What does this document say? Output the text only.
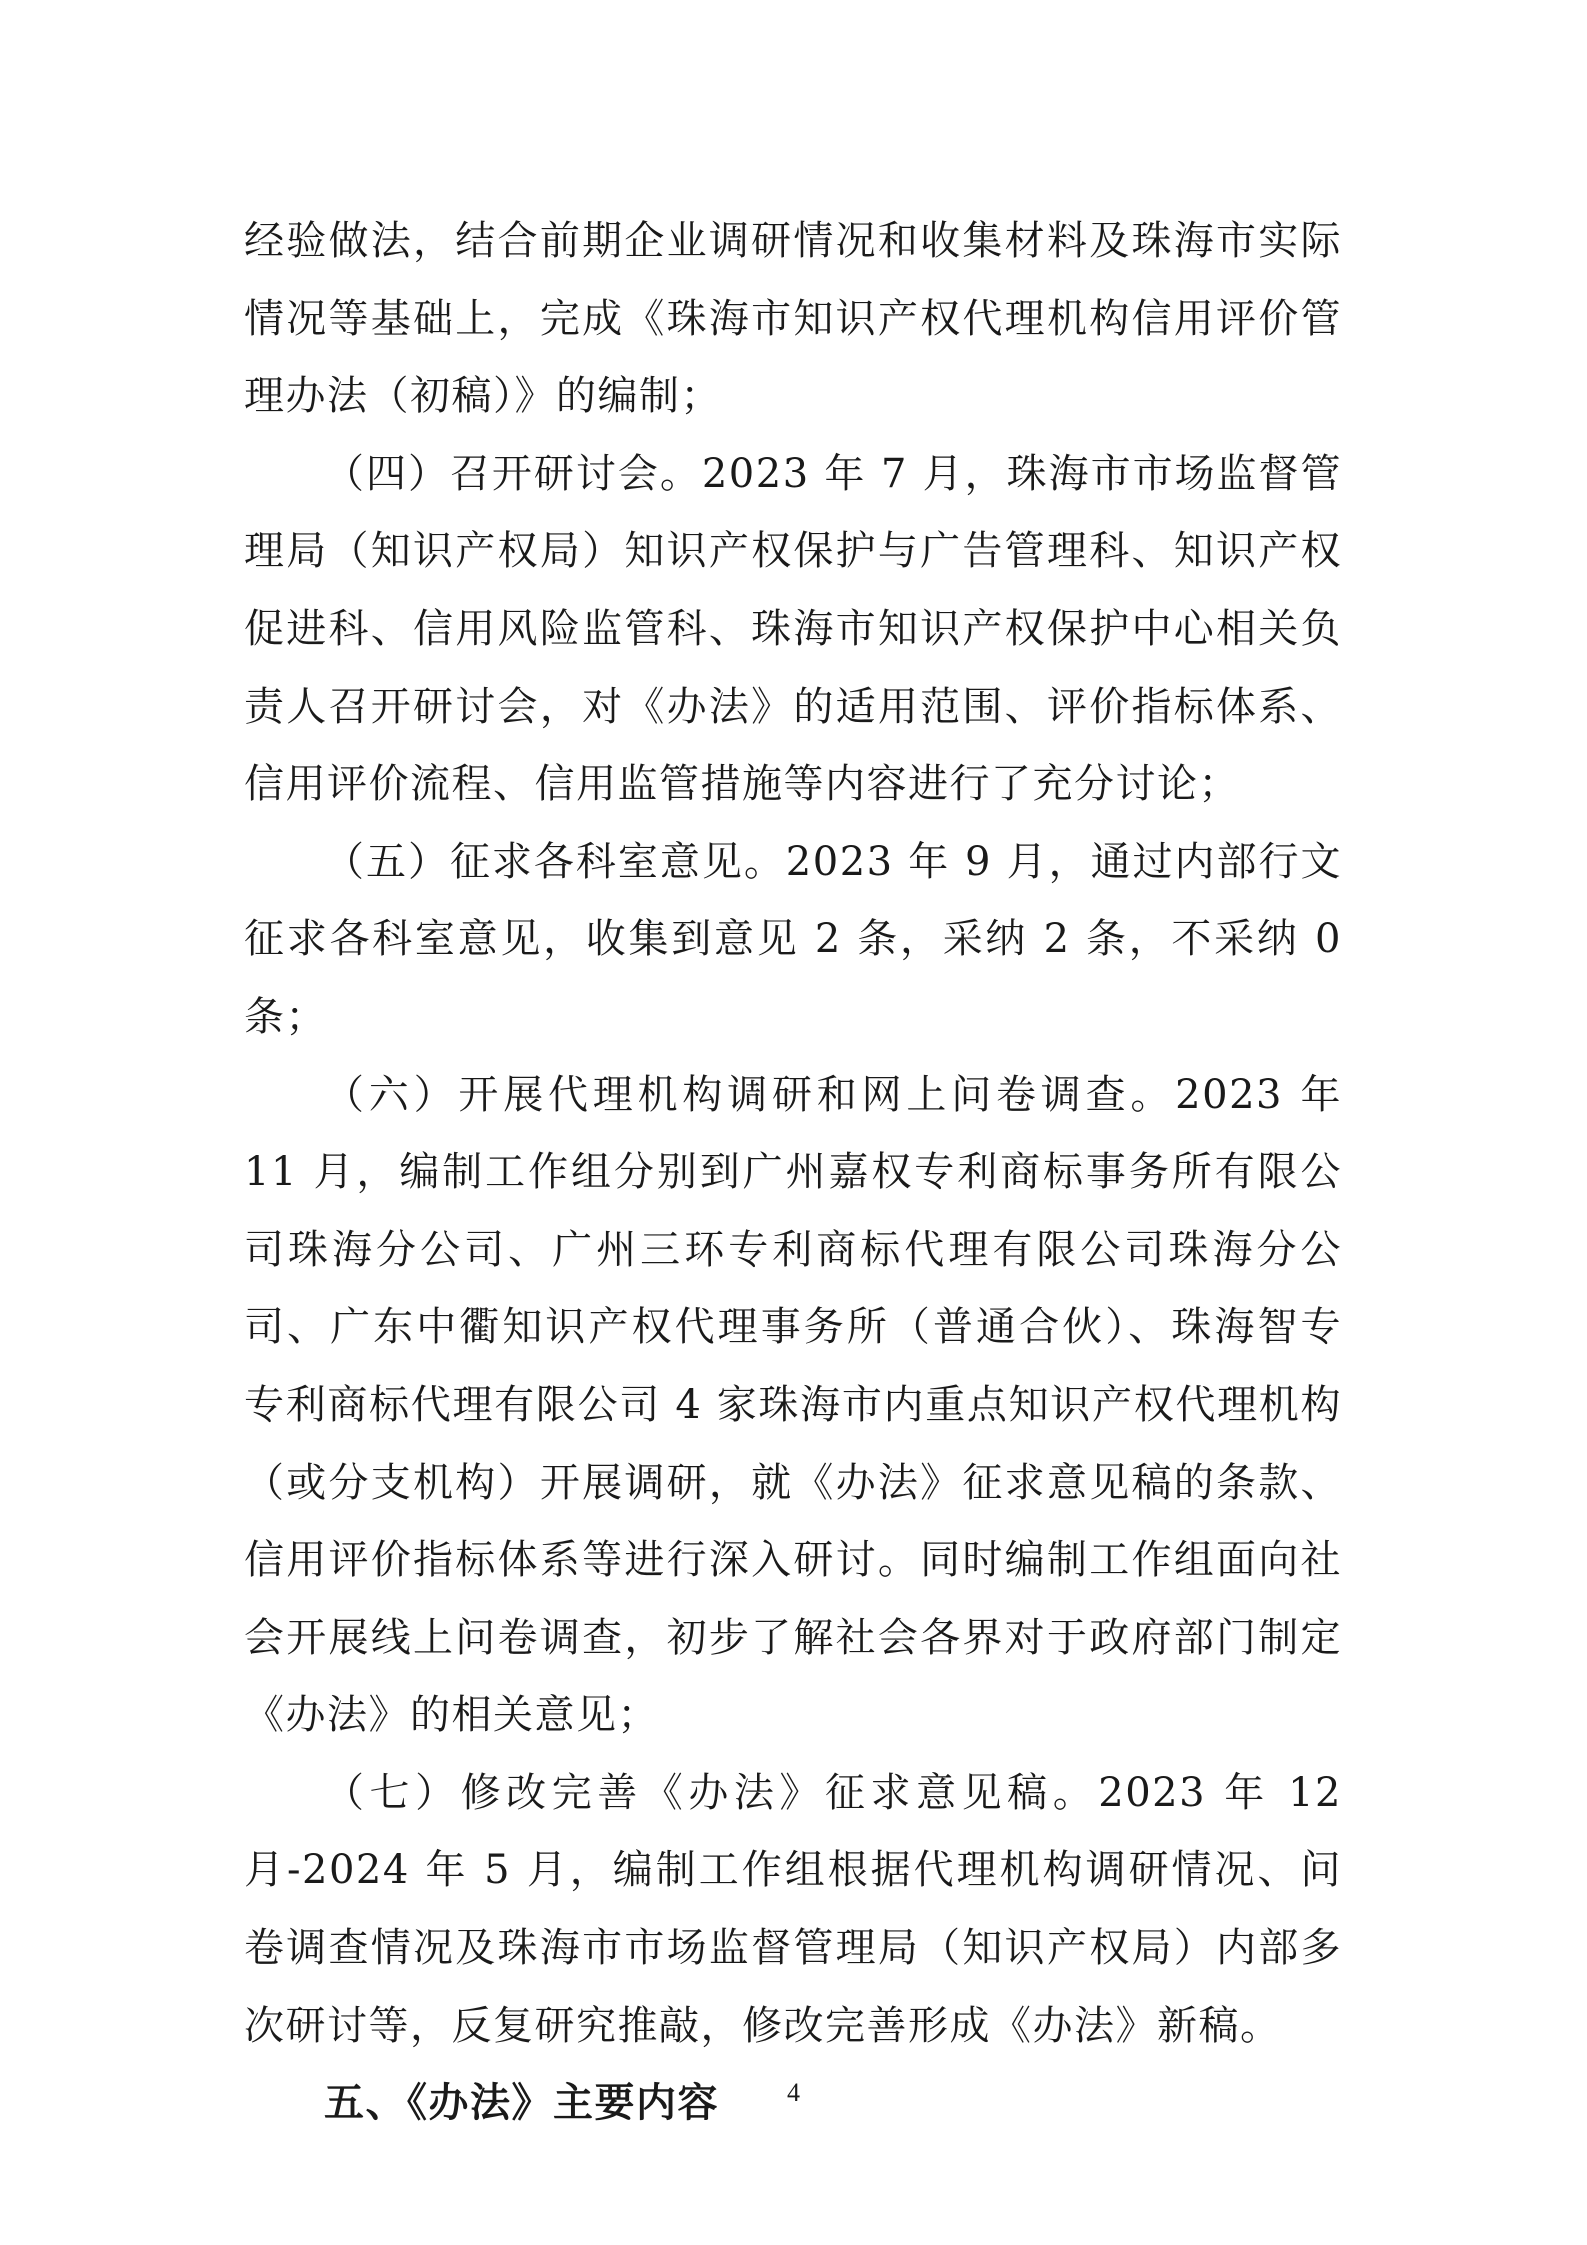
经验做法，结合前期企业调研情况和收集材料及珠海市实际情况等基础上，完成《珠海市知识产权代理机构信用评价管理办法（初稿）》的编制；

（四）召开研讨会。2023 年 7 月，珠海市市场监督管理局（知识产权局）知识产权保护与广告管理科、知识产权促进科、信用风险监管科、珠海市知识产权保护中心相关负责人召开研讨会，对《办法》的适用范围、评价指标体系、信用评价流程、信用监管措施等内容进行了充分讨论；

（五）征求各科室意见。2023 年 9 月，通过内部行文征求各科室意见，收集到意见 2 条，采纳 2 条，不采纳 0 条；

（六）开展代理机构调研和网上问卷调查。2023 年 11 月，编制工作组分别到广州嘉权专利商标事务所有限公司珠海分公司、广州三环专利商标代理有限公司珠海分公司、广东中衢知识产权代理事务所（普通合伙）、珠海智专专利商标代理有限公司 4 家珠海市内重点知识产权代理机构（或分支机构）开展调研，就《办法》征求意见稿的条款、信用评价指标体系等进行深入研讨。同时编制工作组面向社会开展线上问卷调查，初步了解社会各界对于政府部门制定《办法》的相关意见；

（七）修改完善《办法》征求意见稿。2023 年 12 月-2024 年 5 月，编制工作组根据代理机构调研情况、问卷调查情况及珠海市市场监督管理局（知识产权局）内部多次研讨等，反复研究推敲，修改完善形成《办法》新稿。

五、《办法》主要内容	4
